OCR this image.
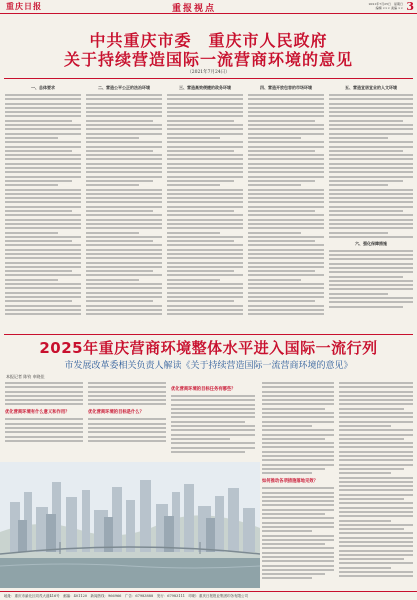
重庆日报	重报视点	2021年7月25日　星期日
编辑 ××× 美编 ×× 3
中共重庆市委　重庆市人民政府
关于持续营造国际一流营商环境的意见
（2021年7月24日）
一、总体要求	二、营造公平公正的法治环境	三、营造高效便捷的政务环境	四、营造开放包容的市场环境	五、营造宜居宜业的人文环境
六、强化保障措施
2025年重庆营商环境整体水平进入国际一流行列
市发展改革委相关负责人解读《关于持续营造国际一流营商环境的意见》
本报记者 陈钧 申晓佳
优化营商环境有什么意义和作用？	优化营商环境的目标是什么？
优化营商环境的目标任务有哪些？
如何推动各项措施落地见效？
地址：重庆市渝北区同茂大道416号　邮编：401120　新闻热线：966966　广告：67983888　发行：67983111　印刷：重庆日报报业集团印务有限公司
